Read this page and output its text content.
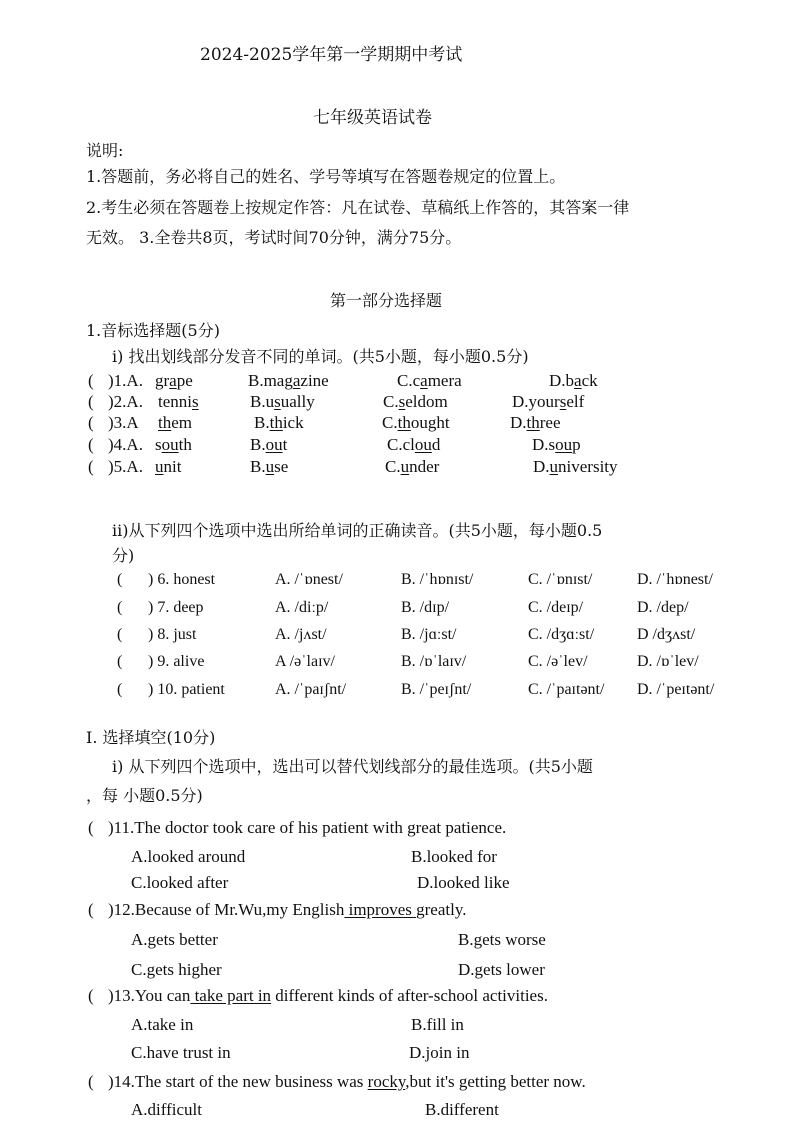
2024-2025学年第一学期期中考试
七年级英语试卷
说明:
1.答题前，务必将自己的姓名、学号等填写在答题卷规定的位置上。
2.考生必须在答题卷上按规定作答：凡在试卷、草稿纸上作答的，其答案一律
无效。 3.全卷共8页，考试时间70分钟，满分75分。
第一部分选择题
1.音标选择题(5分)
i) 找出划线部分发音不同的单词。(共5小题，每小题0.5分)
( )1.A. grape	B.magazine	C.camera	D.back
( )2.A. tennis	B.usually	C.seldom	D.yourself
( )3.A them	B.thick	C.thought	D.three
( )4.A. south	B.out	C.cloud	D.soup
( )5.A. unit	B.use	C.under	D.university
ii)从下列四个选项中选出所给单词的正确读音。(共5小题，每小题0.5
分)
( ) 6. honest	A. /ˈɒnest/	B. /ˈhɒnɪst/	C. /ˈɒnɪst/	D. /ˈhɒnest/
( ) 7. deep	A. /diːp/	B. /dɪp/	C. /deɪp/	D. /dep/
( ) 8. just	A. /jʌst/	B. /jɑːst/	C. /dʒɑːst/	D /dʒʌst/
( ) 9. alive	A /əˈlaɪv/	B. /ɒˈlaɪv/	C. /əˈlev/	D. /ɒˈlev/
( ) 10. patient	A. /ˈpaɪʃnt/	B. /ˈpeɪʃnt/	C. /ˈpaɪtənt/ D. /ˈpeɪtənt/
I. 选择填空(10分)
i) 从下列四个选项中，选出可以替代划线部分的最佳选项。(共5小题
，每 小题0.5分)
( )11.The doctor took care of his patient with great patience.
A.looked around	B.looked for
C.looked after	D.looked like
( )12.Because of Mr.Wu,my English improves greatly.
A.gets better	B.gets worse
C.gets higher	D.gets lower
( )13.You can take part in different kinds of after-school activities.
A.take in	B.fill in
C.have trust in	D.join in
( )14.The start of the new business was rocky,but it's getting better now.
A.difficult	B.different
